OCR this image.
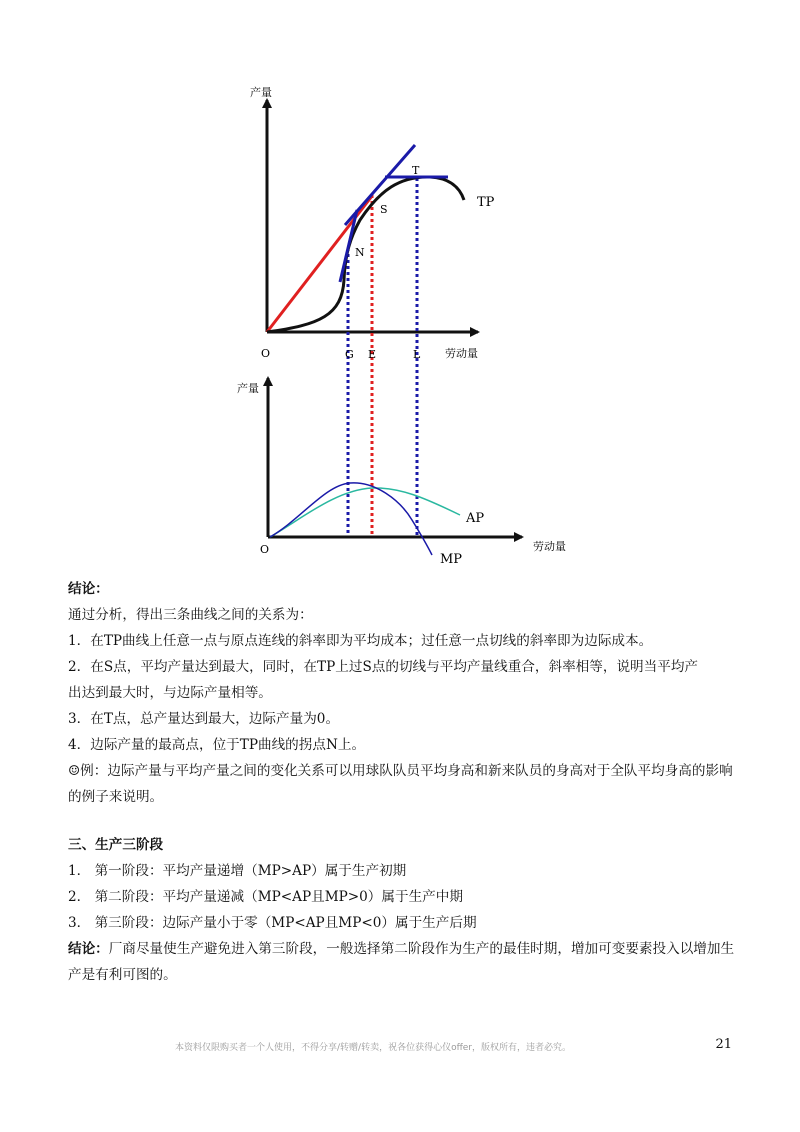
产量
劳动量
O
N
S
T
TP
G E	L
产量
劳动量
O
AP
MP

结论：

通过分析，得出三条曲线之间的关系为：

1．在TP曲线上任意一点与原点连线的斜率即为平均成本；过任意一点切线的斜率即为边际成本。

2．在S点，平均产量达到最大，同时，在TP上过S点的切线与平均产量线重合，斜率相等，说明当平均产

出达到最大时，与边际产量相等。

3．在T点，总产量达到最大，边际产量为0。

4．边际产量的最高点，位于TP曲线的拐点N上。

☺例：边际产量与平均产量之间的变化关系可以用球队队员平均身高和新来队员的身高对于全队平均身高的影响的例子来说明。

三、生产三阶段

1． 第一阶段：平均产量递增（MP>AP）属于生产初期

2． 第二阶段：平均产量递减（MP<AP且MP>0）属于生产中期

3． 第三阶段：边际产量小于零（MP<AP且MP<0）属于生产后期

结论：厂商尽量使生产避免进入第三阶段，一般选择第二阶段作为生产的最佳时期，增加可变要素投入以增加生产是有利可图的。

本资料仅限购买者一个人使用，不得分享/转赠/转卖，祝各位获得心仪offer，版权所有，违者必究。	21
